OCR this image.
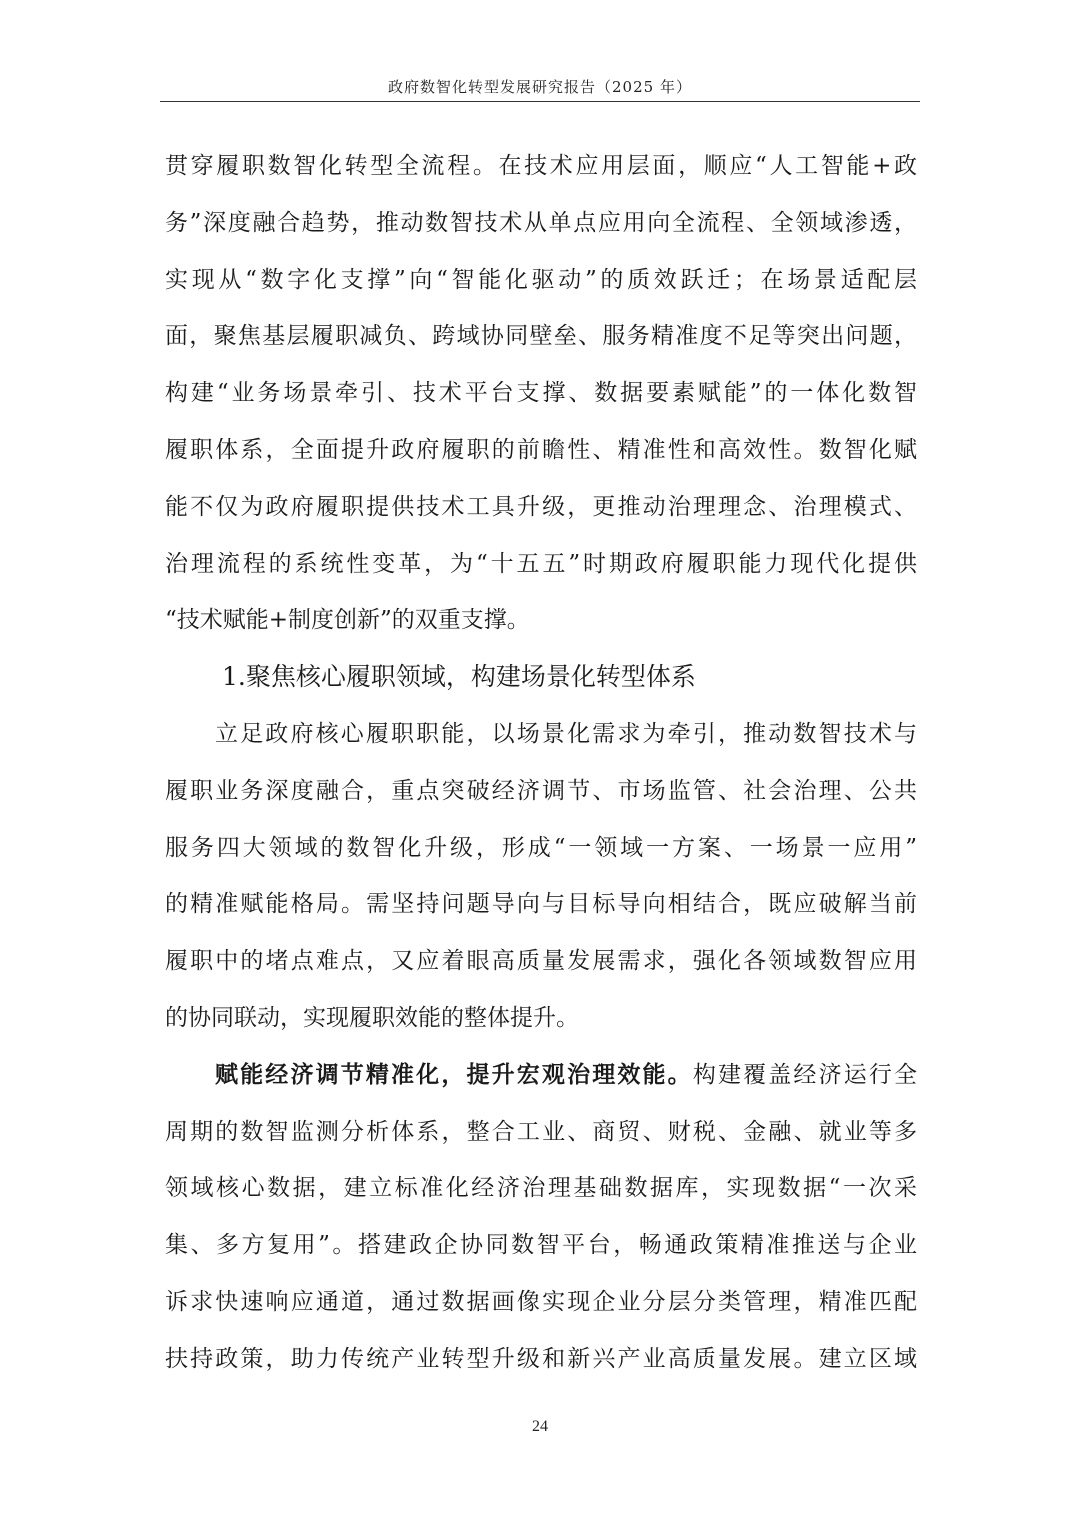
政府数智化转型发展研究报告（2025 年）
贯穿履职数智化转型全流程。在技术应用层面，顺应“人工智能+政
务”深度融合趋势，推动数智技术从单点应用向全流程、全领域渗透，
实现从“数字化支撑”向“智能化驱动”的质效跃迁；在场景适配层
面，聚焦基层履职减负、跨域协同壁垒、服务精准度不足等突出问题，
构建“业务场景牵引、技术平台支撑、数据要素赋能”的一体化数智
履职体系，全面提升政府履职的前瞻性、精准性和高效性。数智化赋
能不仅为政府履职提供技术工具升级，更推动治理理念、治理模式、
治理流程的系统性变革，为“十五五”时期政府履职能力现代化提供
“技术赋能+制度创新”的双重支撑。
1.聚焦核心履职领域，构建场景化转型体系
立足政府核心履职职能，以场景化需求为牵引，推动数智技术与
履职业务深度融合，重点突破经济调节、市场监管、社会治理、公共
服务四大领域的数智化升级，形成“一领域一方案、一场景一应用”
的精准赋能格局。需坚持问题导向与目标导向相结合，既应破解当前
履职中的堵点难点，又应着眼高质量发展需求，强化各领域数智应用
的协同联动，实现履职效能的整体提升。
赋能经济调节精准化，提升宏观治理效能。构建覆盖经济运行全
周期的数智监测分析体系，整合工业、商贸、财税、金融、就业等多
领域核心数据，建立标准化经济治理基础数据库，实现数据“一次采
集、多方复用”。搭建政企协同数智平台，畅通政策精准推送与企业
诉求快速响应通道，通过数据画像实现企业分层分类管理，精准匹配
扶持政策，助力传统产业转型升级和新兴产业高质量发展。建立区域
24
